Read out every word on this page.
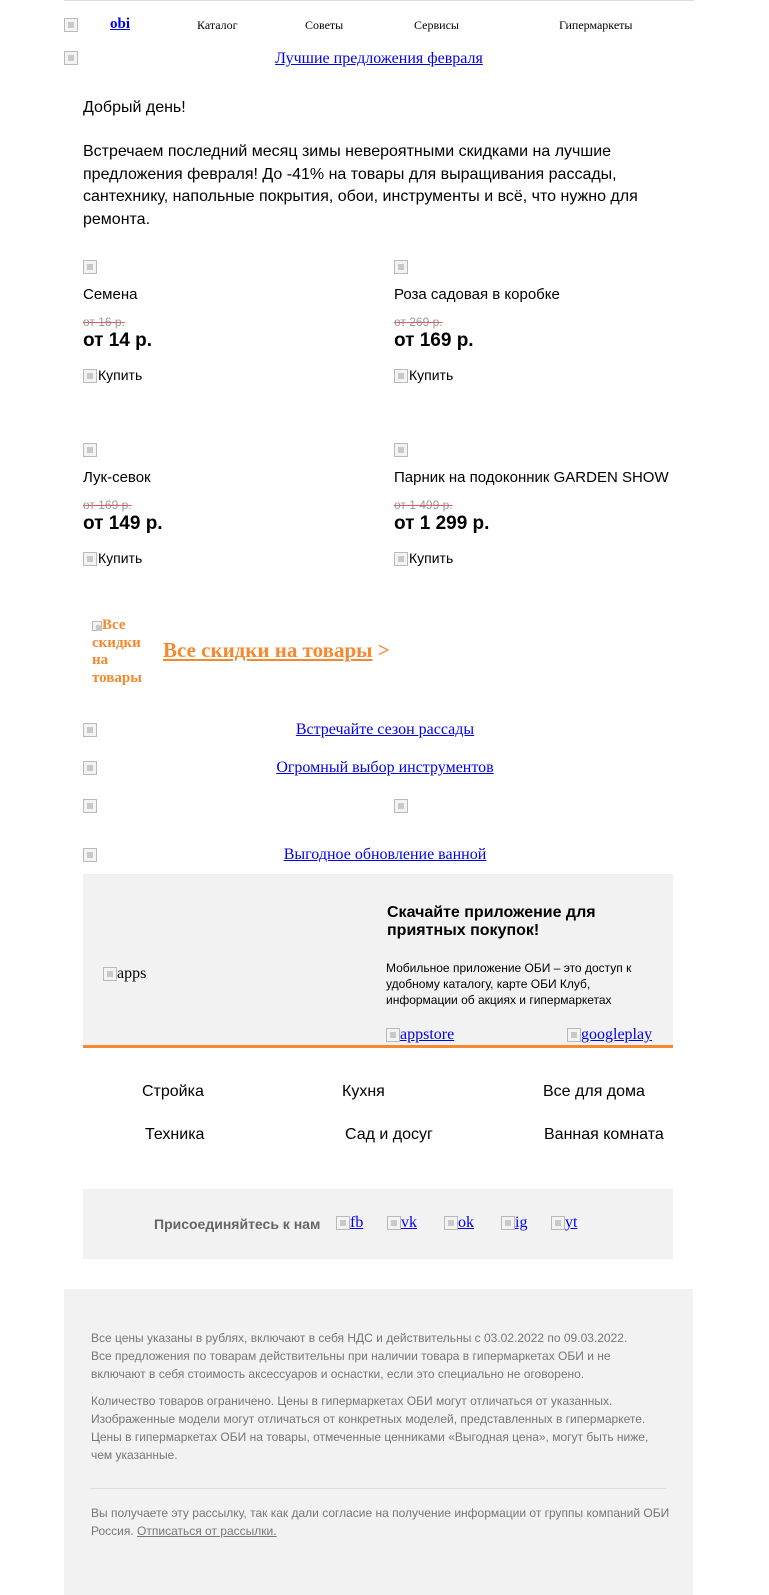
obi	Каталог	Советы	Сервисы	Гипермаркеты
Лучшие предложения февраля
Добрый день!
Встречаем последний месяц зимы невероятными скидками на лучшие предложения февраля! До -41% на товары для выращивания рассады, сантехнику, напольные покрытия, обои, инструменты и всё, что нужно для ремонта.
Семена
от 16 р.
от 14 р.
Купить
Роза садовая в коробке
от 269 р.
от 169 р.
Купить
Лук-севок
от 169 р.
от 149 р.
Купить
Парник на подоконник GARDEN SHOW
от 1 499 р.
от 1 299 р.
Купить
Все скидки на товары
Все скидки на товары >
Встречайте сезон рассады
Огромный выбор инструментов
Выгодное обновление ванной
apps
Скачайте приложение для приятных покупок!
Мобильное приложение ОБИ – это доступ к удобному каталогу, карте ОБИ Клуб, информации об акциях и гипермаркетах
appstore	googleplay
Стройка	Кухня	Все для дома
Техника	Сад и досуг	Ванная комната
Присоединяйтесь к нам	fb	vk	ok	ig	yt
Все цены указаны в рублях, включают в себя НДС и действительны с 03.02.2022 по 09.03.2022. Все предложения по товарам действительны при наличии товара в гипермаркетах ОБИ и не включают в себя стоимость аксессуаров и оснастки, если это специально не оговорено.
Количество товаров ограничено. Цены в гипермаркетах ОБИ могут отличаться от указанных. Изображенные модели могут отличаться от конкретных моделей, представленных в гипермаркете. Цены в гипермаркетах ОБИ на товары, отмеченные ценниками «Выгодная цена», могут быть ниже, чем указанные.
Вы получаете эту рассылку, так как дали согласие на получение информации от группы компаний ОБИ Россия. Отписаться от рассылки.
